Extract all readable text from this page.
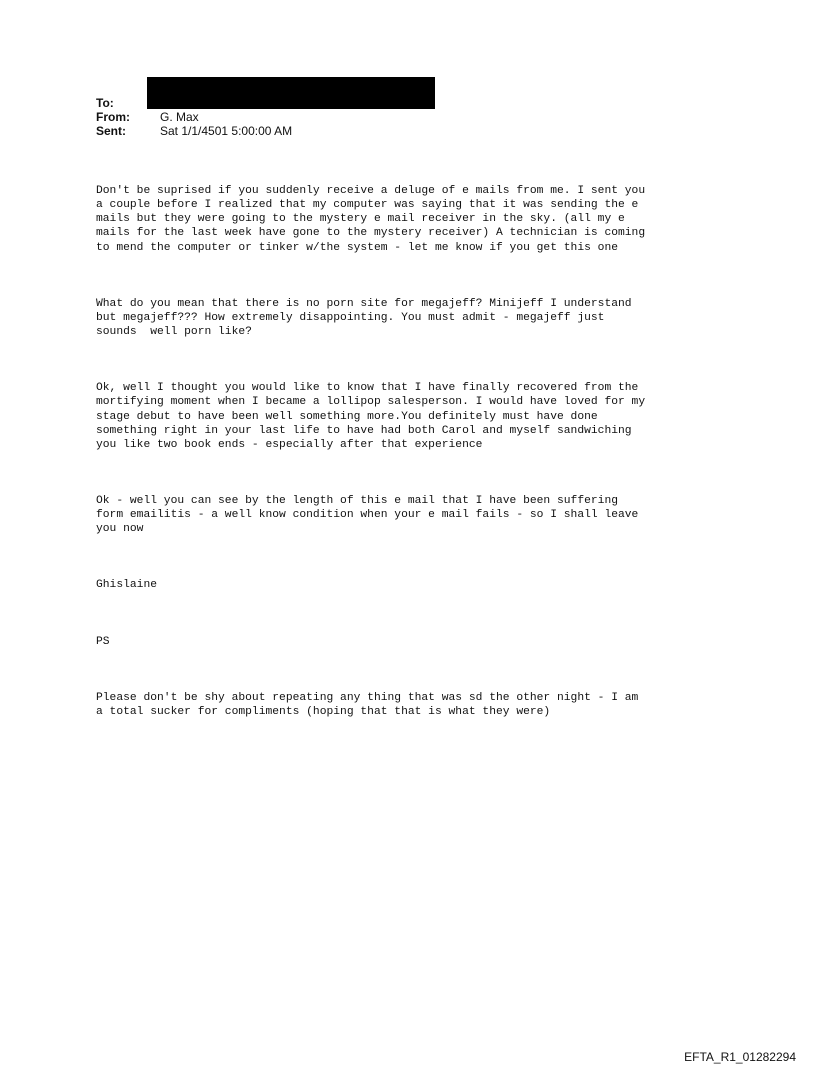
To:
From:	G. Max
Sent:	Sat 1/1/4501 5:00:00 AM

Don't be suprised if you suddenly receive a deluge of e mails from me. I sent you
a couple before I realized that my computer was saying that it was sending the e
mails but they were going to the mystery e mail receiver in the sky. (all my e
mails for the last week have gone to the mystery receiver) A technician is coming
to mend the computer or tinker w/the system - let me know if you get this one

What do you mean that there is no porn site for megajeff? Minijeff I understand
but megajeff??? How extremely disappointing. You must admit - megajeff just
sounds  well porn like?

Ok, well I thought you would like to know that I have finally recovered from the
mortifying moment when I became a lollipop salesperson. I would have loved for my
stage debut to have been well something more.You definitely must have done
something right in your last life to have had both Carol and myself sandwiching
you like two book ends - especially after that experience

Ok - well you can see by the length of this e mail that I have been suffering
form emailitis - a well know condition when your e mail fails - so I shall leave
you now

Ghislaine

PS

Please don't be shy about repeating any thing that was sd the other night - I am
a total sucker for compliments (hoping that that is what they were)

EFTA_R1_01282294
